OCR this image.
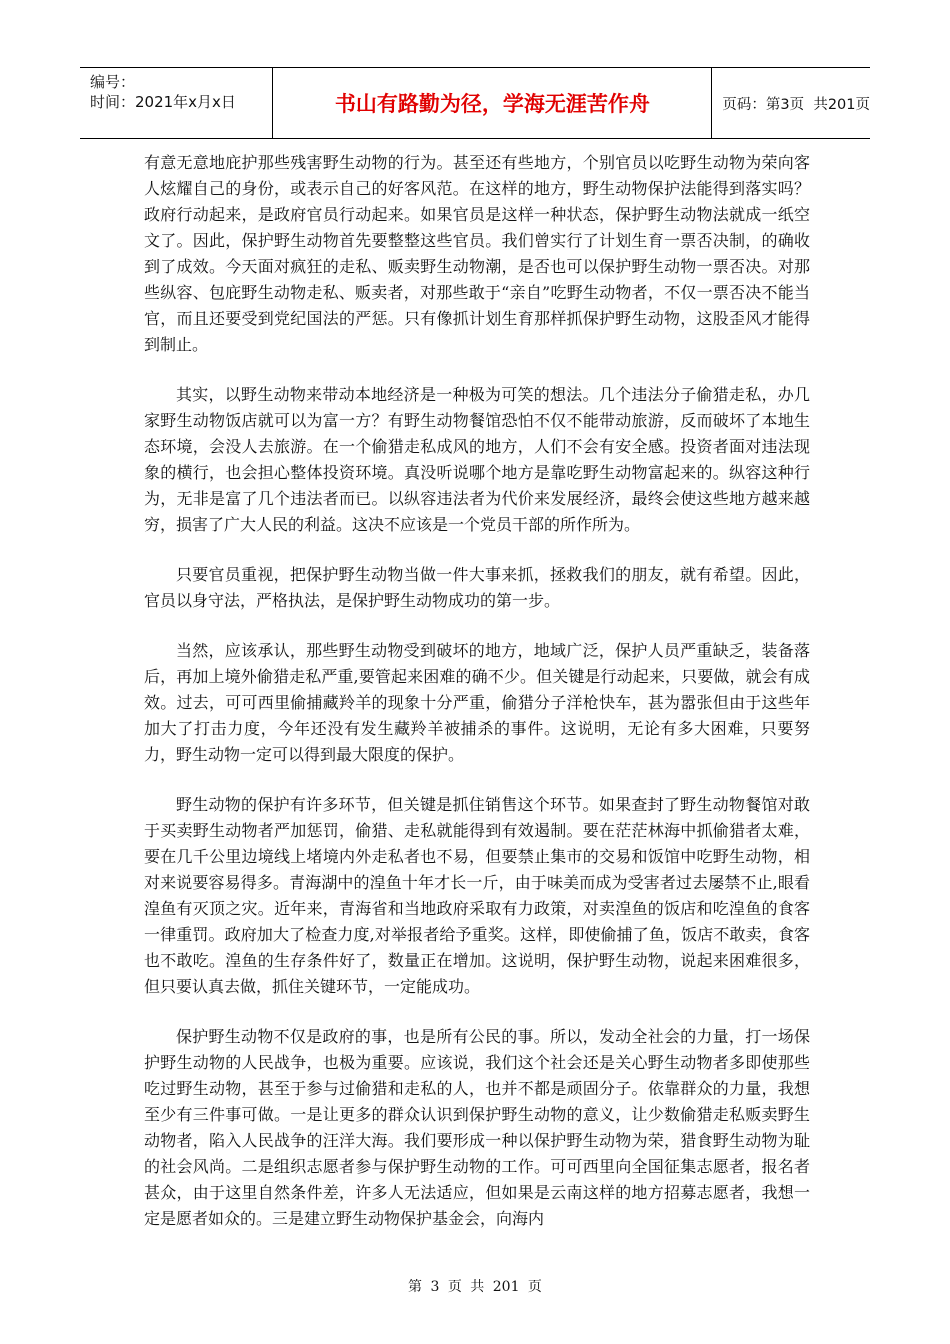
编号：
时间：2021年x月x日	书山有路勤为径，学海无涯苦作舟	页码：第3页  共201页

有意无意地庇护那些残害野生动物的行为。甚至还有些地方，个别官员以吃野生动物为荣向客人炫耀自己的身份，或表示自己的好客风范。在这样的地方，野生动物保护法能得到落实吗？政府行动起来，是政府官员行动起来。如果官员是这样一种状态，保护野生动物法就成一纸空文了。因此，保护野生动物首先要整整这些官员。我们曾实行了计划生育一票否决制，的确收到了成效。今天面对疯狂的走私、贩卖野生动物潮，是否也可以保护野生动物一票否决。对那些纵容、包庇野生动物走私、贩卖者，对那些敢于“亲自”吃野生动物者，不仅一票否决不能当官，而且还要受到党纪国法的严惩。只有像抓计划生育那样抓保护野生动物，这股歪风才能得到制止。

其实，以野生动物来带动本地经济是一种极为可笑的想法。几个违法分子偷猎走私，办几家野生动物饭店就可以为富一方？有野生动物餐馆恐怕不仅不能带动旅游，反而破坏了本地生态环境，会没人去旅游。在一个偷猎走私成风的地方，人们不会有安全感。投资者面对违法现象的横行，也会担心整体投资环境。真没听说哪个地方是靠吃野生动物富起来的。纵容这种行为，无非是富了几个违法者而已。以纵容违法者为代价来发展经济，最终会使这些地方越来越穷，损害了广大人民的利益。这决不应该是一个党员干部的所作所为。

只要官员重视，把保护野生动物当做一件大事来抓，拯救我们的朋友，就有希望。因此，官员以身守法，严格执法，是保护野生动物成功的第一步。

当然，应该承认，那些野生动物受到破坏的地方，地域广泛，保护人员严重缺乏，装备落后，再加上境外偷猎走私严重,要管起来困难的确不少。但关键是行动起来，只要做，就会有成效。过去，可可西里偷捕藏羚羊的现象十分严重，偷猎分子洋枪快车，甚为嚣张但由于这些年加大了打击力度，今年还没有发生藏羚羊被捕杀的事件。这说明，无论有多大困难，只要努力，野生动物一定可以得到最大限度的保护。

野生动物的保护有许多环节，但关键是抓住销售这个环节。如果查封了野生动物餐馆对敢于买卖野生动物者严加惩罚，偷猎、走私就能得到有效遏制。要在茫茫林海中抓偷猎者太难，要在几千公里边境线上堵境内外走私者也不易，但要禁止集市的交易和饭馆中吃野生动物，相对来说要容易得多。青海湖中的湟鱼十年才长一斤，由于味美而成为受害者过去屡禁不止,眼看湟鱼有灭顶之灾。近年来，青海省和当地政府采取有力政策，对卖湟鱼的饭店和吃湟鱼的食客一律重罚。政府加大了检查力度,对举报者给予重奖。这样，即使偷捕了鱼，饭店不敢卖，食客也不敢吃。湟鱼的生存条件好了，数量正在增加。这说明，保护野生动物，说起来困难很多，但只要认真去做，抓住关键环节，一定能成功。

保护野生动物不仅是政府的事，也是所有公民的事。所以，发动全社会的力量，打一场保护野生动物的人民战争，也极为重要。应该说，我们这个社会还是关心野生动物者多即使那些吃过野生动物，甚至于参与过偷猎和走私的人，也并不都是顽固分子。依靠群众的力量，我想至少有三件事可做。一是让更多的群众认识到保护野生动物的意义，让少数偷猎走私贩卖野生动物者，陷入人民战争的汪洋大海。我们要形成一种以保护野生动物为荣，猎食野生动物为耻的社会风尚。二是组织志愿者参与保护野生动物的工作。可可西里向全国征集志愿者，报名者甚众，由于这里自然条件差，许多人无法适应，但如果是云南这样的地方招募志愿者，我想一定是愿者如众的。三是建立野生动物保护基金会，向海内

第 3 页 共 201 页
